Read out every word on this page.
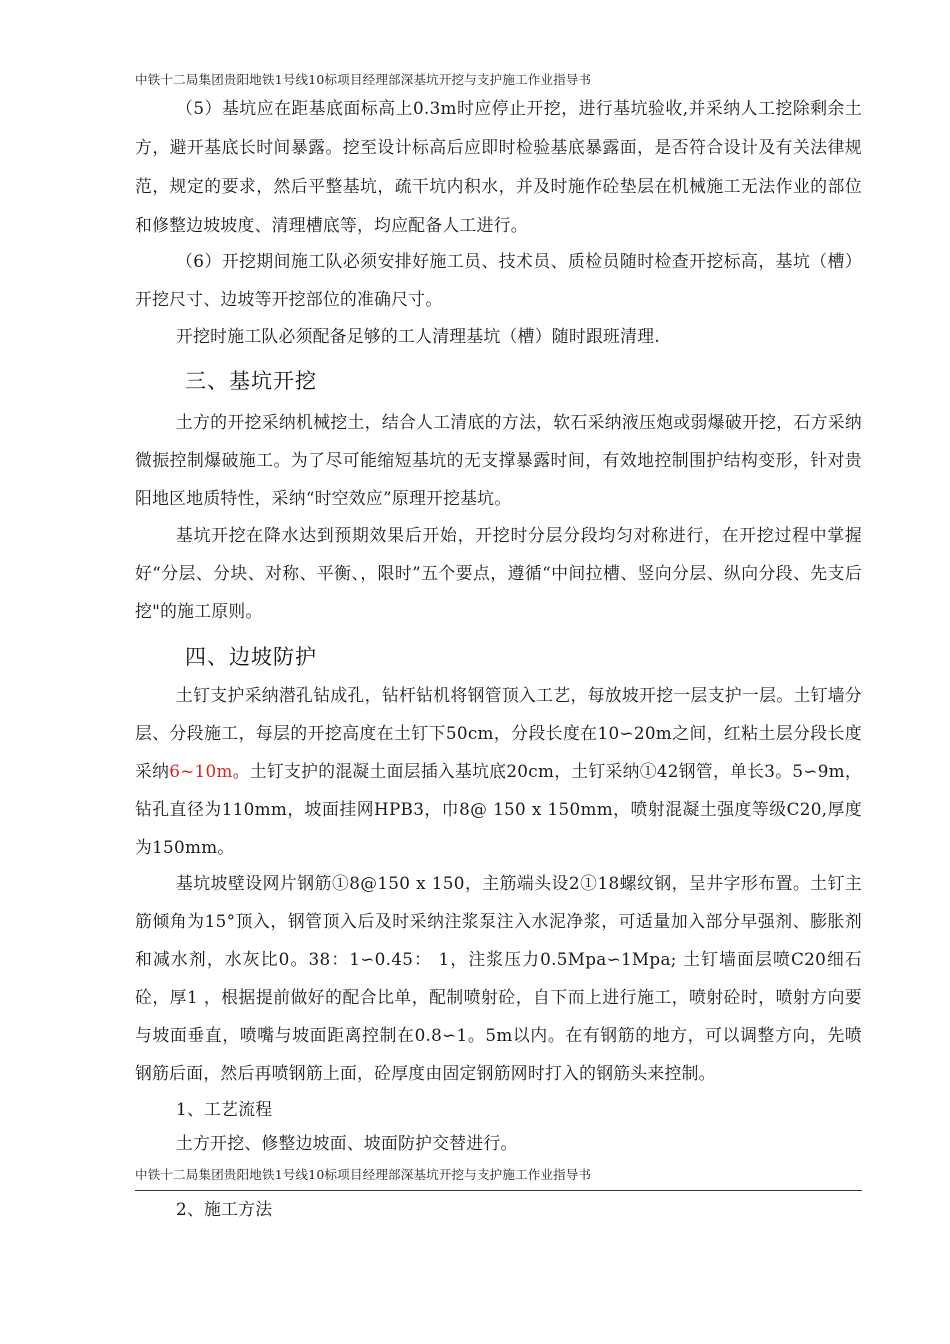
中铁十二局集团贵阳地铁1号线10标项目经理部深基坑开挖与支护施工作业指导书
（5）基坑应在距基底面标高上0.3m时应停止开挖，进行基坑验收,并采纳人工挖除剩余土方，避开基底长时间暴露。挖至设计标高后应即时检验基底暴露面，是否符合设计及有关法律规范，规定的要求，然后平整基坑，疏干坑内积水，并及时施作砼垫层在机械施工无法作业的部位和修整边坡坡度、清理槽底等，均应配备人工进行。
（6）开挖期间施工队必须安排好施工员、技术员、质检员随时检查开挖标高，基坑（槽）开挖尺寸、边坡等开挖部位的准确尺寸。
开挖时施工队必须配备足够的工人清理基坑（槽）随时跟班清理.
三、基坑开挖
土方的开挖采纳机械挖土，结合人工清底的方法，软石采纳液压炮或弱爆破开挖，石方采纳微振控制爆破施工。为了尽可能缩短基坑的无支撑暴露时间，有效地控制围护结构变形，针对贵阳地区地质特性，采纳“时空效应”原理开挖基坑。
基坑开挖在降水达到预期效果后开始，开挖时分层分段均匀对称进行，在开挖过程中掌握好“分层、分块、对称、平衡、，限时”五个要点，遵循“中间拉槽、竖向分层、纵向分段、先支后挖"的施工原则。
四、边坡防护
土钉支护采纳潜孔钻成孔，钻杆钻机将钢管顶入工艺，每放坡开挖一层支护一层。土钉墙分层、分段施工，每层的开挖高度在土钉下50cm，分段长度在10∽20m之间，红粘土层分段长度采纳6~10m。土钉支护的混凝土面层插入基坑底20cm，土钉采纳①42钢管，单长3。5∽9m，钻孔直径为110mm，坡面挂网HPB3，巾8@ 150 x 150mm，喷射混凝土强度等级C20,厚度为150mm。
基坑坡壁设网片钢筋①8@150 x 150，主筋端头设2①18螺纹钢，呈井字形布置。土钉主筋倾角为15°顶入，钢管顶入后及时采纳注浆泵注入水泥净浆，可适量加入部分早强剂、膨胀剂和减水剂，水灰比0。38：1∽0.45： 1，注浆压力0.5Mpa∽1Mpa; 土钉墙面层喷C20细石砼，厚1 ，根据提前做好的配合比单，配制喷射砼，自下而上进行施工，喷射砼时，喷射方向要与坡面垂直，喷嘴与坡面距离控制在0.8∽1。5m以内。在有钢筋的地方，可以调整方向，先喷钢筋后面，然后再喷钢筋上面，砼厚度由固定钢筋网时打入的钢筋头来控制。
1、工艺流程
土方开挖、修整边坡面、坡面防护交替进行。
中铁十二局集团贵阳地铁1号线10标项目经理部深基坑开挖与支护施工作业指导书
2、施工方法
